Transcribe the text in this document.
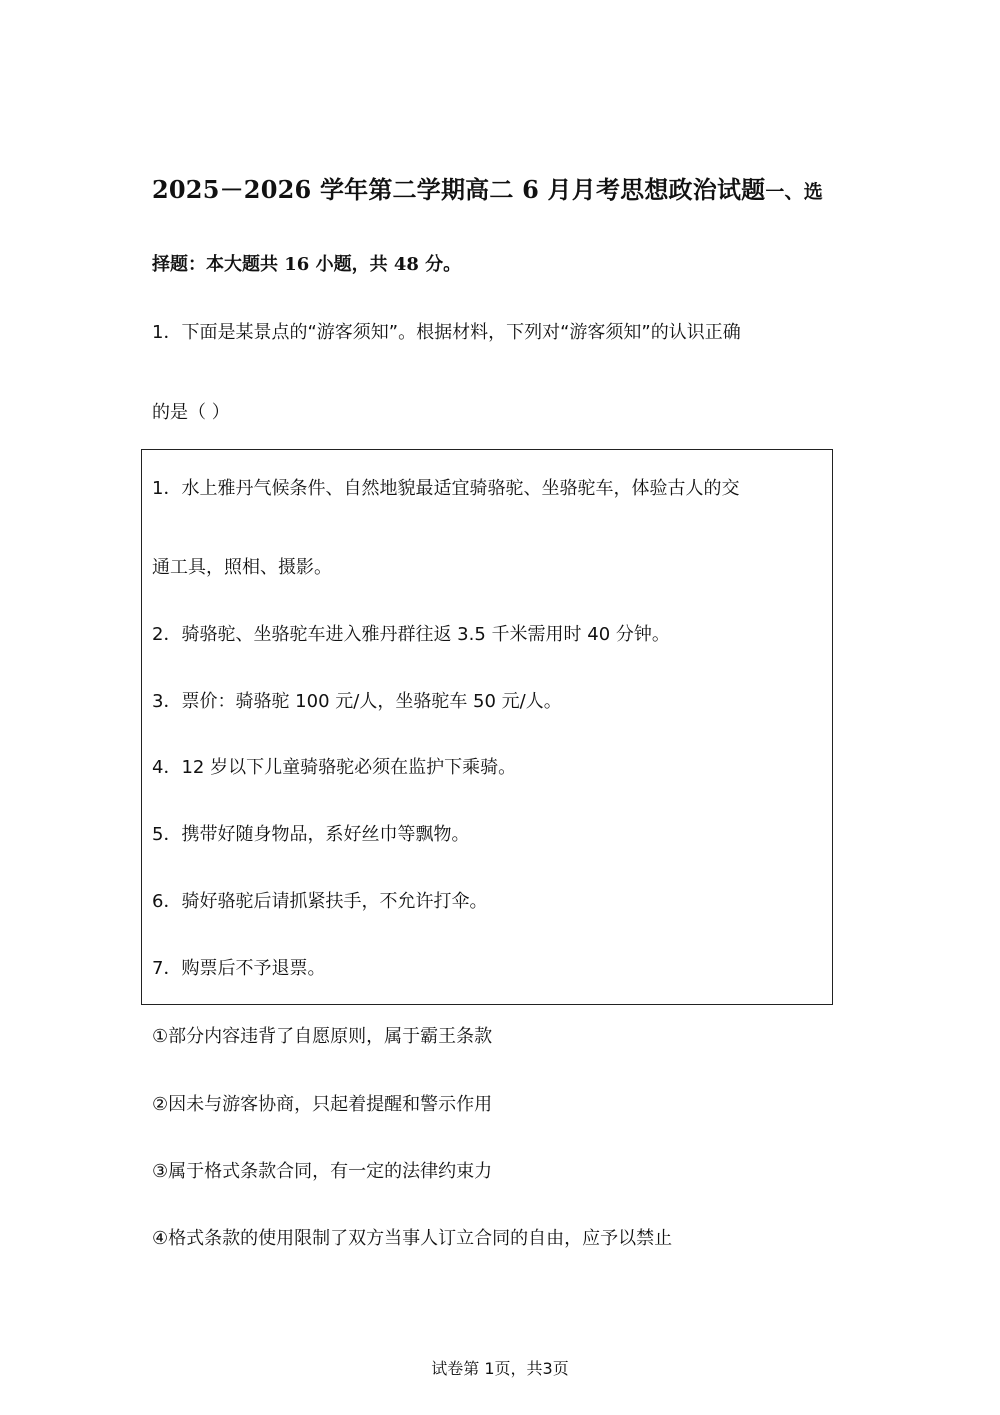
2025－2026 学年第二学期高二 6 月月考思想政治试题一、选
择题：本大题共 16 小题，共 48 分。
1．下面是某景点的“游客须知”。根据材料，下列对“游客须知”的认识正确
的是（ ）
1．水上雅丹气候条件、自然地貌最适宜骑骆驼、坐骆驼车，体验古人的交
通工具，照相、摄影。
2．骑骆驼、坐骆驼车进入雅丹群往返 3.5 千米需用时 40 分钟。
3．票价：骑骆驼 100 元/人，坐骆驼车 50 元/人。
4．12 岁以下儿童骑骆驼必须在监护下乘骑。
5．携带好随身物品，系好丝巾等飘物。
6．骑好骆驼后请抓紧扶手，不允许打伞。
7．购票后不予退票。
①部分内容违背了自愿原则，属于霸王条款
②因未与游客协商，只起着提醒和警示作用
③属于格式条款合同，有一定的法律约束力
④格式条款的使用限制了双方当事人订立合同的自由，应予以禁止
试卷第 1页，共3页
